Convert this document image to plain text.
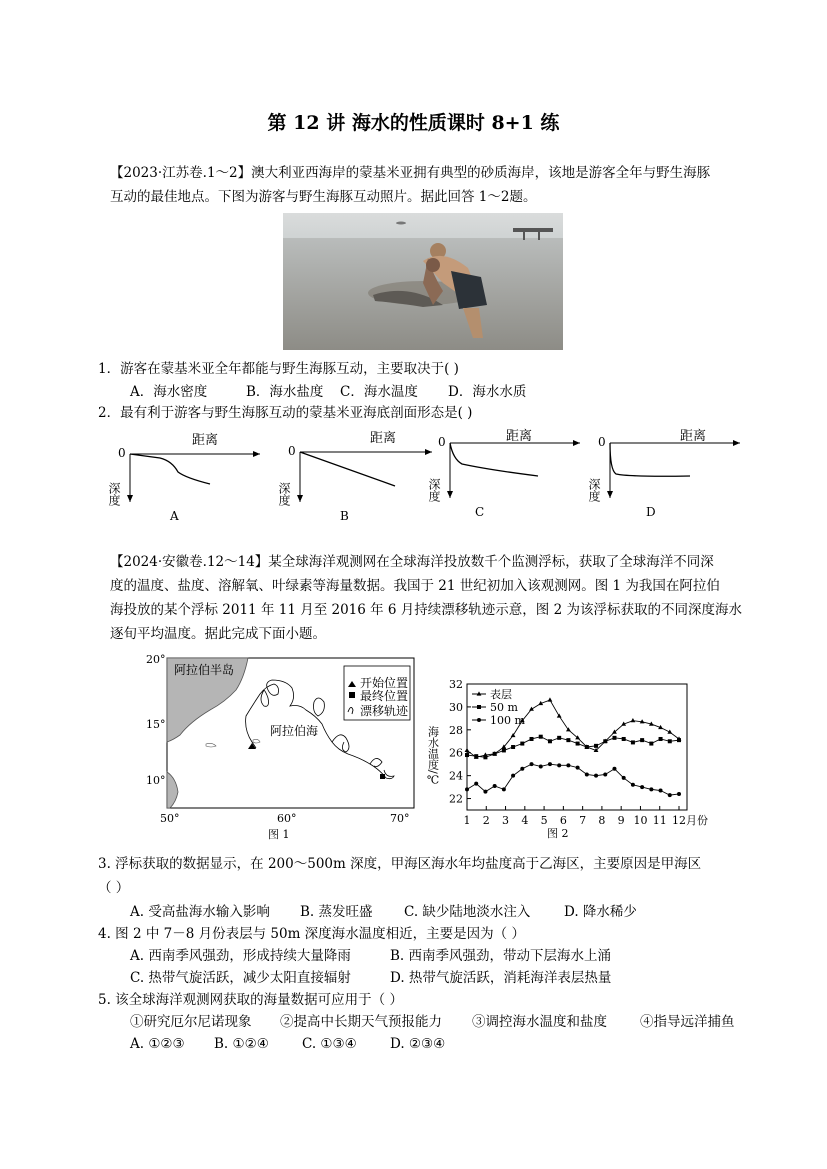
第 12 讲 海水的性质课时 8+1 练
【2023·江苏卷.1～2】澳大利亚西海岸的蒙基米亚拥有典型的砂质海岸，该地是游客全年与野生海豚
互动的最佳地点。下图为游客与野生海豚互动照片。据此回答 1～2题。
1．游客在蒙基米亚全年都能与野生海豚互动，主要取决于( )
A．海水密度	B．海水盐度 C．海水温度 D．海水水质
2．最有利于游客与野生海豚互动的蒙基米亚海底剖面形态是( )
0
距离
深度
A
0
距离
深度
B
0	距离
深度
C
0	距离
深度
D
【2024·安徽卷.12～14】某全球海洋观测网在全球海洋投放数千个监测浮标，获取了全球海洋不同深
度的温度、盐度、溶解氧、叶绿素等海量数据。我国于 21 世纪初加入该观测网。图 1 为我国在阿拉伯
海投放的某个浮标 2011 年 11 月至 2016 年 6 月持续漂移轨迹示意，图 2 为该浮标获取的不同深度海水
逐旬平均温度。据此完成下面小题。
开始位置
最终位置
漂移轨迹
阿拉伯半岛
阿拉伯海
20°
15°
10°
50°	60°	70°
图 1
海水温度/℃
图 2
22
24
26
28
30
32
1 2 3 4 5 6 7 8 9 10 11 12 月份
表层
50 m
100 m
3. 浮标获取的数据显示，在 200～500m 深度，甲海区海水年均盐度高于乙海区，主要原因是甲海区
（ ）
A. 受高盐海水输入影响 B. 蒸发旺盛 C. 缺少陆地淡水注入 D. 降水稀少
4. 图 2 中 7－8 月份表层与 50m 深度海水温度相近，主要是因为（ ）
A. 西南季风强劲，形成持续大量降雨	B. 西南季风强劲，带动下层海水上涌
C. 热带气旋活跃，减少太阳直接辐射	D. 热带气旋活跃，消耗海洋表层热量
5. 该全球海洋观测网获取的海量数据可应用于（ ）
①研究厄尔尼诺现象 ②提高中长期天气预报能力 ③调控海水温度和盐度 ④指导远洋捕鱼
A. ①②③ B. ①②④ C. ①③④ D. ②③④
